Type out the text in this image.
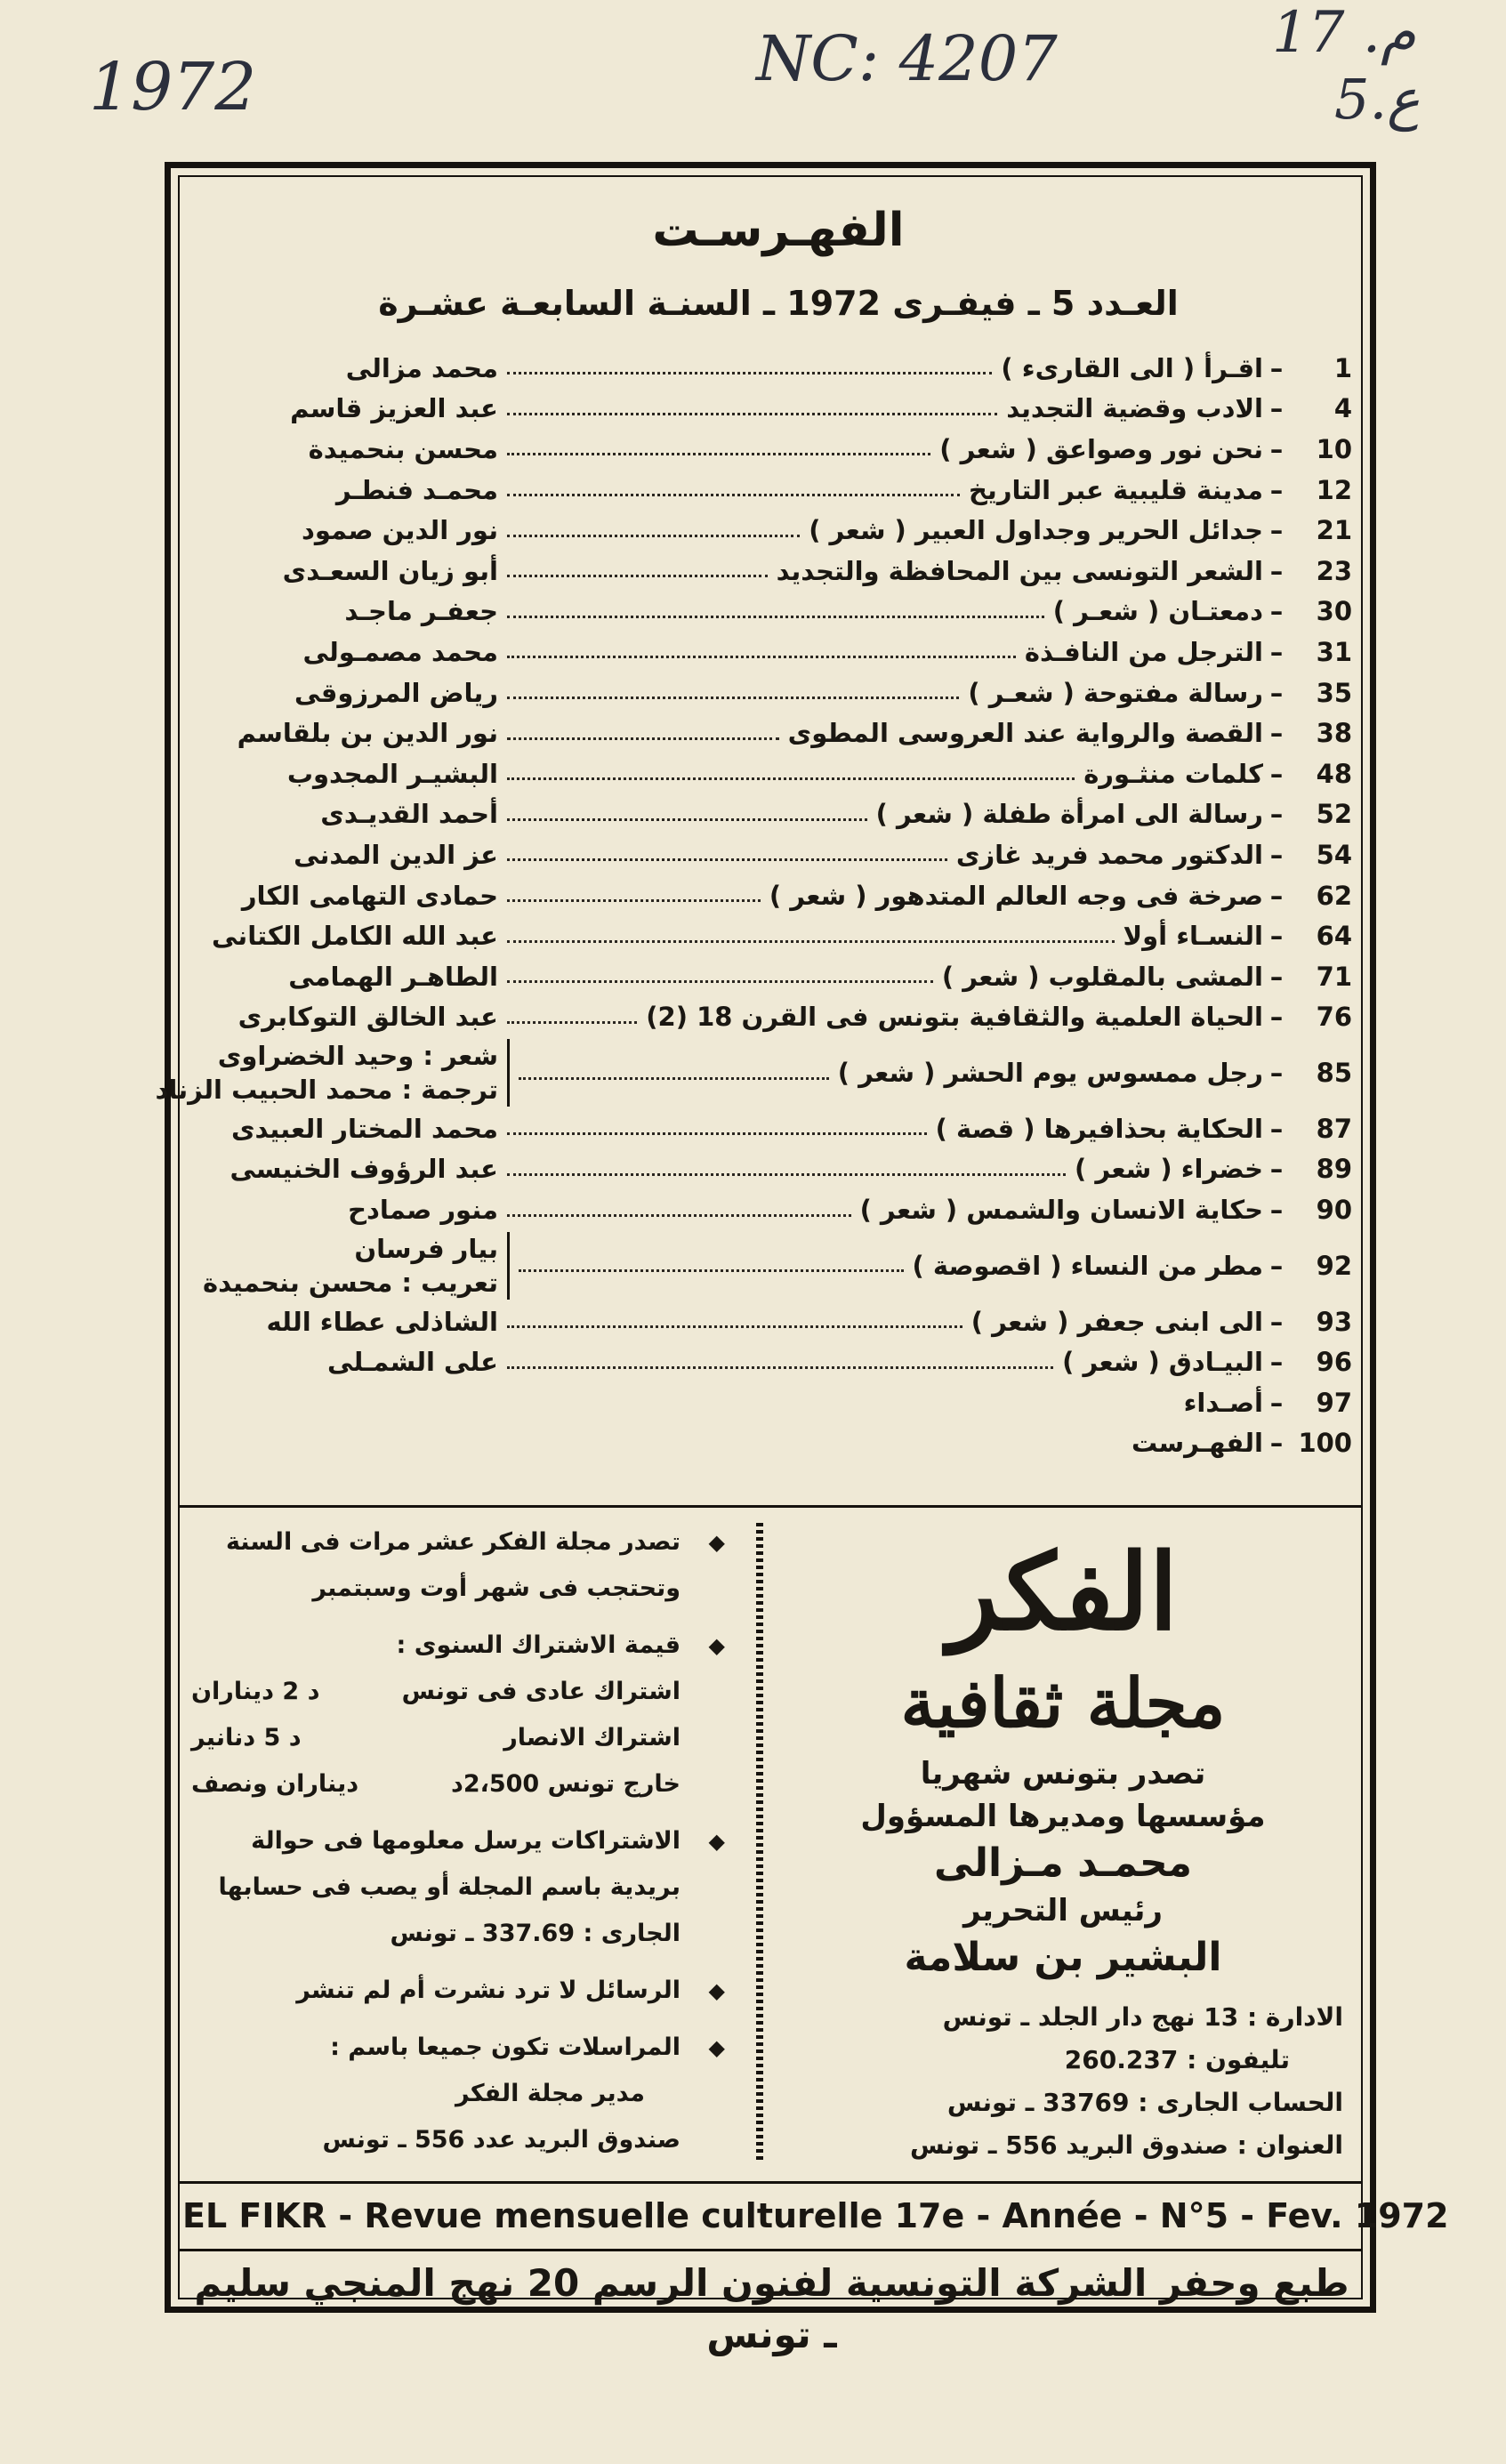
1972	NC: 4207	م. 17
ع.5
الفهـرسـت
العـدد 5 ـ فيفـرى 1972 ـ السنـة السابعـة عشـرة
1
–
اقـرأ ( الى القارىء )
محمد مزالى
4
–
الادب وقضية التجديد
عبد العزيز قاسم
10
–
نحن نور وصواعق ( شعر )
محسن بنحميدة
12
–
مدينة قليبية عبر التاريخ
محمـد فنطـر
21
–
جدائل الحرير وجداول العبير ( شعر )
نور الدين صمود
23
–
الشعر التونسى بين المحافظة والتجديد
أبو زيان السعـدى
30
–
دمعتـان ( شعـر )
جعفـر ماجـد
31
–
الترجل من النافـذة
محمد مصمـولى
35
–
رسالة مفتوحة ( شعـر )
رياض المرزوقى
38
–
القصة والرواية عند العروسى المطوى
نور الدين بن بلقاسم
48
–
كلمات منثـورة
البشيـر المجدوب
52
–
رسالة الى امرأة طفلة ( شعر )
أحمد القديـدى
54
–
الدكتور محمد فريد غازى
عز الدين المدنى
62
–
صرخة فى وجه العالم المتدهور ( شعر )
حمادى التهامى الكار
64
–
النسـاء أولا
عبد الله الكامل الكتانى
71
–
المشى بالمقلوب ( شعر )
الطاهـر الهمامى
76
–
الحياة العلمية والثقافية بتونس فى القرن 18 (2)
عبد الخالق التوكابرى
85
–
رجل ممسوس يوم الحشر ( شعر )
شعر : وحيد الخضراوى
ترجمة : محمد الحبيب الزناد
87
–
الحكاية بحذافيرها ( قصة )
محمد المختار العبيدى
89
–
خضراء ( شعر )
عبد الرؤوف الخنيسى
90
–
حكاية الانسان والشمس ( شعر )
منور صمادح
92
–
مطر من النساء ( اقصوصة )
بيار فرسان
تعريب : محسن بنحميدة
93
–
الى ابنى جعفر ( شعر )
الشاذلى عطاء الله
96
–
البيـادق ( شعر )
على الشمـلى
97
–
أصـداء
100
–
الفهـرست
◆
تصدر مجلة الفكر عشر مرات فى السنة وتحتجب فى شهر أوت وسبتمبر
◆
قيمة الاشتراك السنوى :
اشتراك عادى فى تونس
د 2 ديناران
اشتراك الانصار
د 5 دنانير
خارج تونس 2،500د
ديناران ونصف
◆
الاشتراكات يرسل معلومها فى حوالة بريدية باسم المجلة أو يصب فى حسابها الجارى : 337.69 ـ تونس
◆
الرسائل لا ترد نشرت أم لم تنشر
◆
المراسلات تكون جميعا باسم :
مدير مجلة الفكر
صندوق البريد عدد 556 ـ تونس
الفكر
مجلة ثقافية
تصدر بتونس شهريا
مؤسسها ومديرها المسؤول
محمـد مـزالى
رئيس التحرير
البشير بن سلامة
الادارة : 13 نهج دار الجلد ـ تونس
تليفون : 260.237
الحساب الجارى : 33769 ـ تونس
العنوان : صندوق البريد 556 ـ تونس
EL FIKR - Revue mensuelle culturelle 17e - Année - N°5 - Fev. 1972
طبع وحفر الشركة التونسية لفنون الرسم 20 نهج المنجي سليم ـ تونس
